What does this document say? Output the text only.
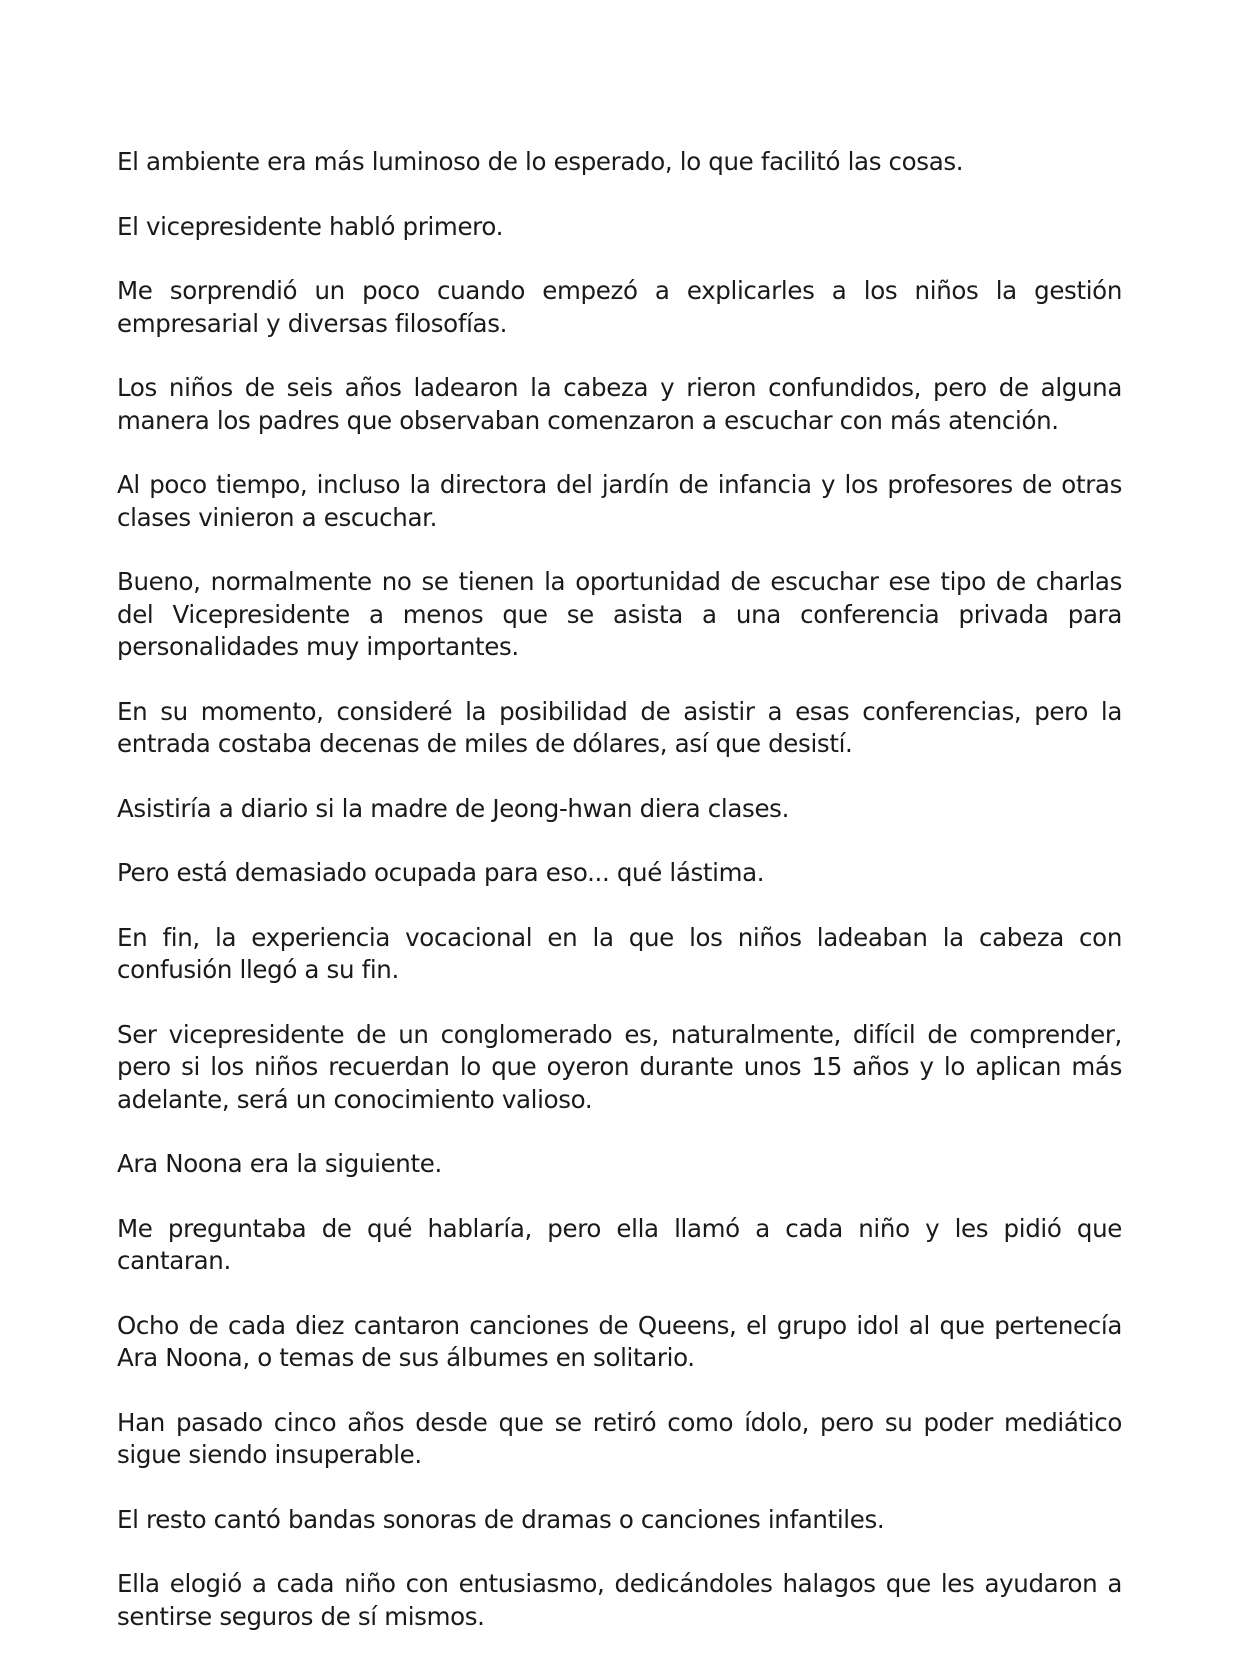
El ambiente era más luminoso de lo esperado, lo que facilitó las cosas.

El vicepresidente habló primero.

Me sorprendió un poco cuando empezó a explicarles a los niños la gestión empresarial y diversas filosofías.

Los niños de seis años ladearon la cabeza y rieron confundidos, pero de alguna manera los padres que observaban comenzaron a escuchar con más atención.

Al poco tiempo, incluso la directora del jardín de infancia y los profesores de otras clases vinieron a escuchar.

Bueno, normalmente no se tienen la oportunidad de escuchar ese tipo de charlas del Vicepresidente a menos que se asista a una conferencia privada para personalidades muy importantes.

En su momento, consideré la posibilidad de asistir a esas conferencias, pero la entrada costaba decenas de miles de dólares, así que desistí.

Asistiría a diario si la madre de Jeong-hwan diera clases.

Pero está demasiado ocupada para eso... qué lástima.

En fin, la experiencia vocacional en la que los niños ladeaban la cabeza con confusión llegó a su fin.

Ser vicepresidente de un conglomerado es, naturalmente, difícil de comprender, pero si los niños recuerdan lo que oyeron durante unos 15 años y lo aplican más adelante, será un conocimiento valioso.

Ara Noona era la siguiente.

Me preguntaba de qué hablaría, pero ella llamó a cada niño y les pidió que cantaran.

Ocho de cada diez cantaron canciones de Queens, el grupo idol al que pertenecía Ara Noona, o temas de sus álbumes en solitario.

Han pasado cinco años desde que se retiró como ídolo, pero su poder mediático sigue siendo insuperable.

El resto cantó bandas sonoras de dramas o canciones infantiles.

Ella elogió a cada niño con entusiasmo, dedicándoles halagos que les ayudaron a sentirse seguros de sí mismos.
